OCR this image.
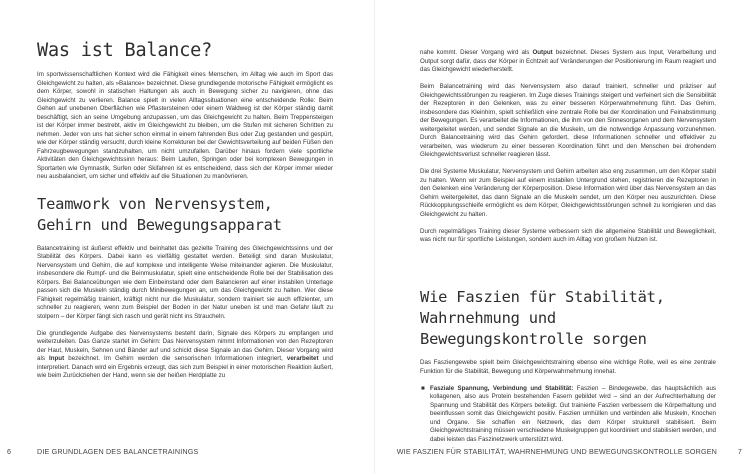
Was ist Balance?

Im sportwissenschaftlichen Kontext wird die Fähigkeit eines Menschen, im Alltag wie auch im Sport das Gleichgewicht zu halten, als »Balance« bezeichnet. Diese grundlegende motorische Fähigkeit ermöglicht es dem Körper, sowohl in statischen Haltungen als auch in Bewegung sicher zu navigieren, ohne das Gleichgewicht zu verlieren. Balance spielt in vielen Alltagssituationen eine entscheidende Rolle: Beim Gehen auf unebenen Oberflächen wie Pflastersteinen oder einem Waldweg ist der Körper ständig damit beschäftigt, sich an seine Umgebung anzupassen, um das Gleichgewicht zu halten. Beim Treppensteigen ist der Körper immer bestrebt, aktiv im Gleichgewicht zu bleiben, um die Stufen mit sicheren Schritten zu nehmen. Jeder von uns hat sicher schon einmal in einem fahrenden Bus oder Zug gestanden und gespürt, wie der Körper ständig versucht, durch kleine Korrekturen bei der Gewichtsverteilung auf beiden Füßen den Fahrzeugbewegungen standzuhalten, um nicht umzufallen. Darüber hinaus fordern viele sportliche Aktivitäten den Gleichgewichtssinn heraus: Beim Laufen, Springen oder bei komplexen Bewegungen in Sportarten wie Gymnastik, Surfen oder Skifahren ist es entscheidend, dass sich der Körper immer wieder neu ausbalanciert, um sicher und effektiv auf die Situationen zu manövrieren.

Teamwork von Nervensystem, Gehirn und Bewegungsapparat

Balancetraining ist äußerst effektiv und beinhaltet das gezielte Training des Gleichgewichtssinns und der Stabilität des Körpers. Dabei kann es vielfältig gestaltet werden. Beteiligt sind daran Muskulatur, Nervensystem und Gehirn, die auf komplexe und intelligente Weise miteinander agieren. Die Muskulatur, insbesondere die Rumpf- und die Beinmuskulatur, spielt eine entscheidende Rolle bei der Stabilisation des Körpers. Bei Balanceübungen wie dem Einbeinstand oder dem Balancieren auf einer instabilen Unterlage passen sich die Muskeln ständig durch Minibewegungen an, um das Gleichgewicht zu halten. Wer diese Fähigkeit regelmäßig trainiert, kräftigt nicht nur die Muskulatur, sondern trainiert sie auch effizienter, um schneller zu reagieren, wenn zum Beispiel der Boden in der Natur uneben ist und man Gefahr läuft zu stolpern – der Körper fängt sich rasch und gerät nicht ins Straucheln.

Die grundlegende Aufgabe des Nervensystems besteht darin, Signale des Körpers zu empfangen und weiterzuleiten. Das Ganze startet im Gehirn: Das Nervensystem nimmt Informationen von den Rezeptoren der Haut, Muskeln, Sehnen und Bänder auf und schickt diese Signale an das Gehirn. Dieser Vorgang wird als Input bezeichnet. Im Gehirn werden die sensorischen Informationen integriert, verarbeitet und interpretiert. Danach wird ein Ergebnis erzeugt, das sich zum Beispiel in einer motorischen Reaktion äußert, wie beim Zurückziehen der Hand, wenn sie der heißen Herdplatte zu

nahe kommt. Dieser Vorgang wird als Output bezeichnet. Dieses System aus Input, Verarbeitung und Output sorgt dafür, dass der Körper in Echtzeit auf Veränderungen der Positionierung im Raum reagiert und das Gleichgewicht wiederherstellt.

Beim Balancetraining wird das Nervensystem also darauf trainiert, schneller und präziser auf Gleichgewichtsstörungen zu reagieren. Im Zuge dieses Trainings steigert und verfeinert sich die Sensibilität der Rezeptoren in den Gelenken, was zu einer besseren Körperwahrnehmung führt. Das Gehirn, insbesondere das Kleinhirn, spielt schließlich eine zentrale Rolle bei der Koordination und Feinabstimmung der Bewegungen. Es verarbeitet die Informationen, die ihm von den Sinnesorganen und dem Nervensystem weitergeleitet werden, und sendet Signale an die Muskeln, um die notwendige Anpassung vorzunehmen. Durch Balancetraining wird das Gehirn gefordert, diese Informationen schneller und effektiver zu verarbeiten, was wiederum zu einer besseren Koordination führt und den Menschen bei drohendem Gleichgewichtsverlust schneller reagieren lässt.

Die drei Systeme Muskulatur, Nervensystem und Gehirn arbeiten also eng zusammen, um den Körper stabil zu halten. Wenn wir zum Beispiel auf einem instabilen Untergrund stehen, registrieren die Rezeptoren in den Gelenken eine Veränderung der Körperposition. Diese Information wird über das Nervensystem an das Gehirn weitergeleitet, das dann Signale an die Muskeln sendet, um den Körper neu auszurichten. Diese Rückkopplungsschleife ermöglicht es dem Körper, Gleichgewichtsstörungen schnell zu korrigieren und das Gleichgewicht zu halten.

Durch regelmäßiges Training dieser Systeme verbessern sich die allgemeine Stabilität und Beweglichkeit, was nicht nur für sportliche Leistungen, sondern auch im Alltag von großem Nutzen ist.

Wie Faszien für Stabilität, Wahrnehmung und Bewegungskontrolle sorgen

Das Fasziengewebe spielt beim Gleichgewichtstraining ebenso eine wichtige Rolle, weil es eine zentrale Funktion für die Stabilität, Bewegung und Körperwahrnehmung innehat.

■ Fasziale Spannung, Verbindung und Stabilität: Faszien – Bindegewebe, das hauptsächlich aus kollagenen, also aus Protein bestehenden Fasern gebildet wird – sind an der Aufrechterhaltung der Spannung und Stabilität des Körpers beteiligt. Gut trainierte Faszien verbessern die Körperhaltung und beeinflussen somit das Gleichgewicht positiv. Faszien umhüllen und verbinden alle Muskeln, Knochen und Organe. Sie schaffen ein Netzwerk, das dem Körper strukturell stabilisiert. Beim Gleichgewichtstraining müssen verschiedene Muskelgruppen gut koordiniert und stabilisiert werden, und dabei leisten das Faszinetzwerk unterstützt wird.
6	DIE GRUNDLAGEN DES BALANCETRAININGS	WIE FASZIEN FÜR STABILITÄT, WAHRNEHMUNG UND BEWEGUNGSKONTROLLE SORGEN	7
